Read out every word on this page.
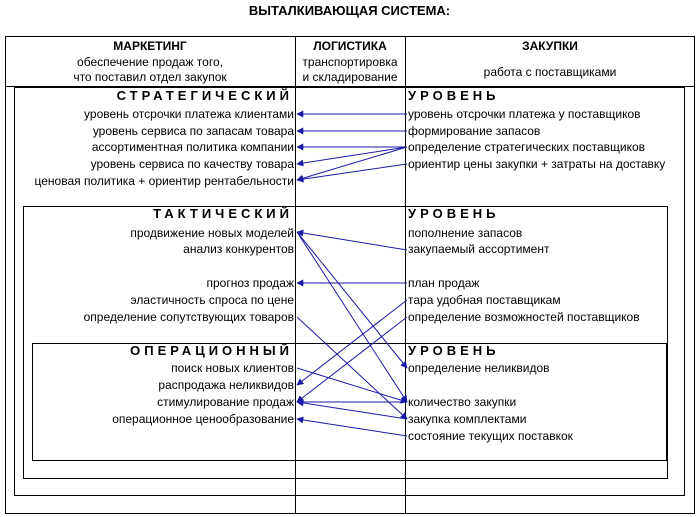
ВЫТАЛКИВАЮЩАЯ СИСТЕМА:
МАРКЕТИНГ
обеспечение продаж того,
что поставил отдел закупок
ЛОГИСТИКА
транспортировка
и складирование
ЗАКУПКИ
работа с поставщиками
СТРАТЕГИЧЕСКИЙ	УРОВЕНЬ
ТАКТИЧЕСКИЙ	УРОВЕНЬ
ОПЕРАЦИОННЫЙ	УРОВЕНЬ
уровень отсрочки платежа клиентами
уровень сервиса по запасам товара
ассортиментная политика компании
уровень сервиса по качеству товара
ценовая политика + ориентир рентабельности
уровень отсрочки платежа у поставщиков
формирование запасов
определение стратегических поставщиков
ориентир цены закупки + затраты на доставку
продвижение новых моделей
анализ конкурентов
прогноз продаж
эластичность спроса по цене
определение сопутствующих товаров
пополнение запасов
закупаемый ассортимент
план продаж
тара удобная поставщикам
определение возможностей поставщиков
поиск новых клиентов
распродажа неликвидов
стимулирование продаж
операционное ценообразование
определение неликвидов
количество закупки
закупка комплектами
состояние текущих поставкок
